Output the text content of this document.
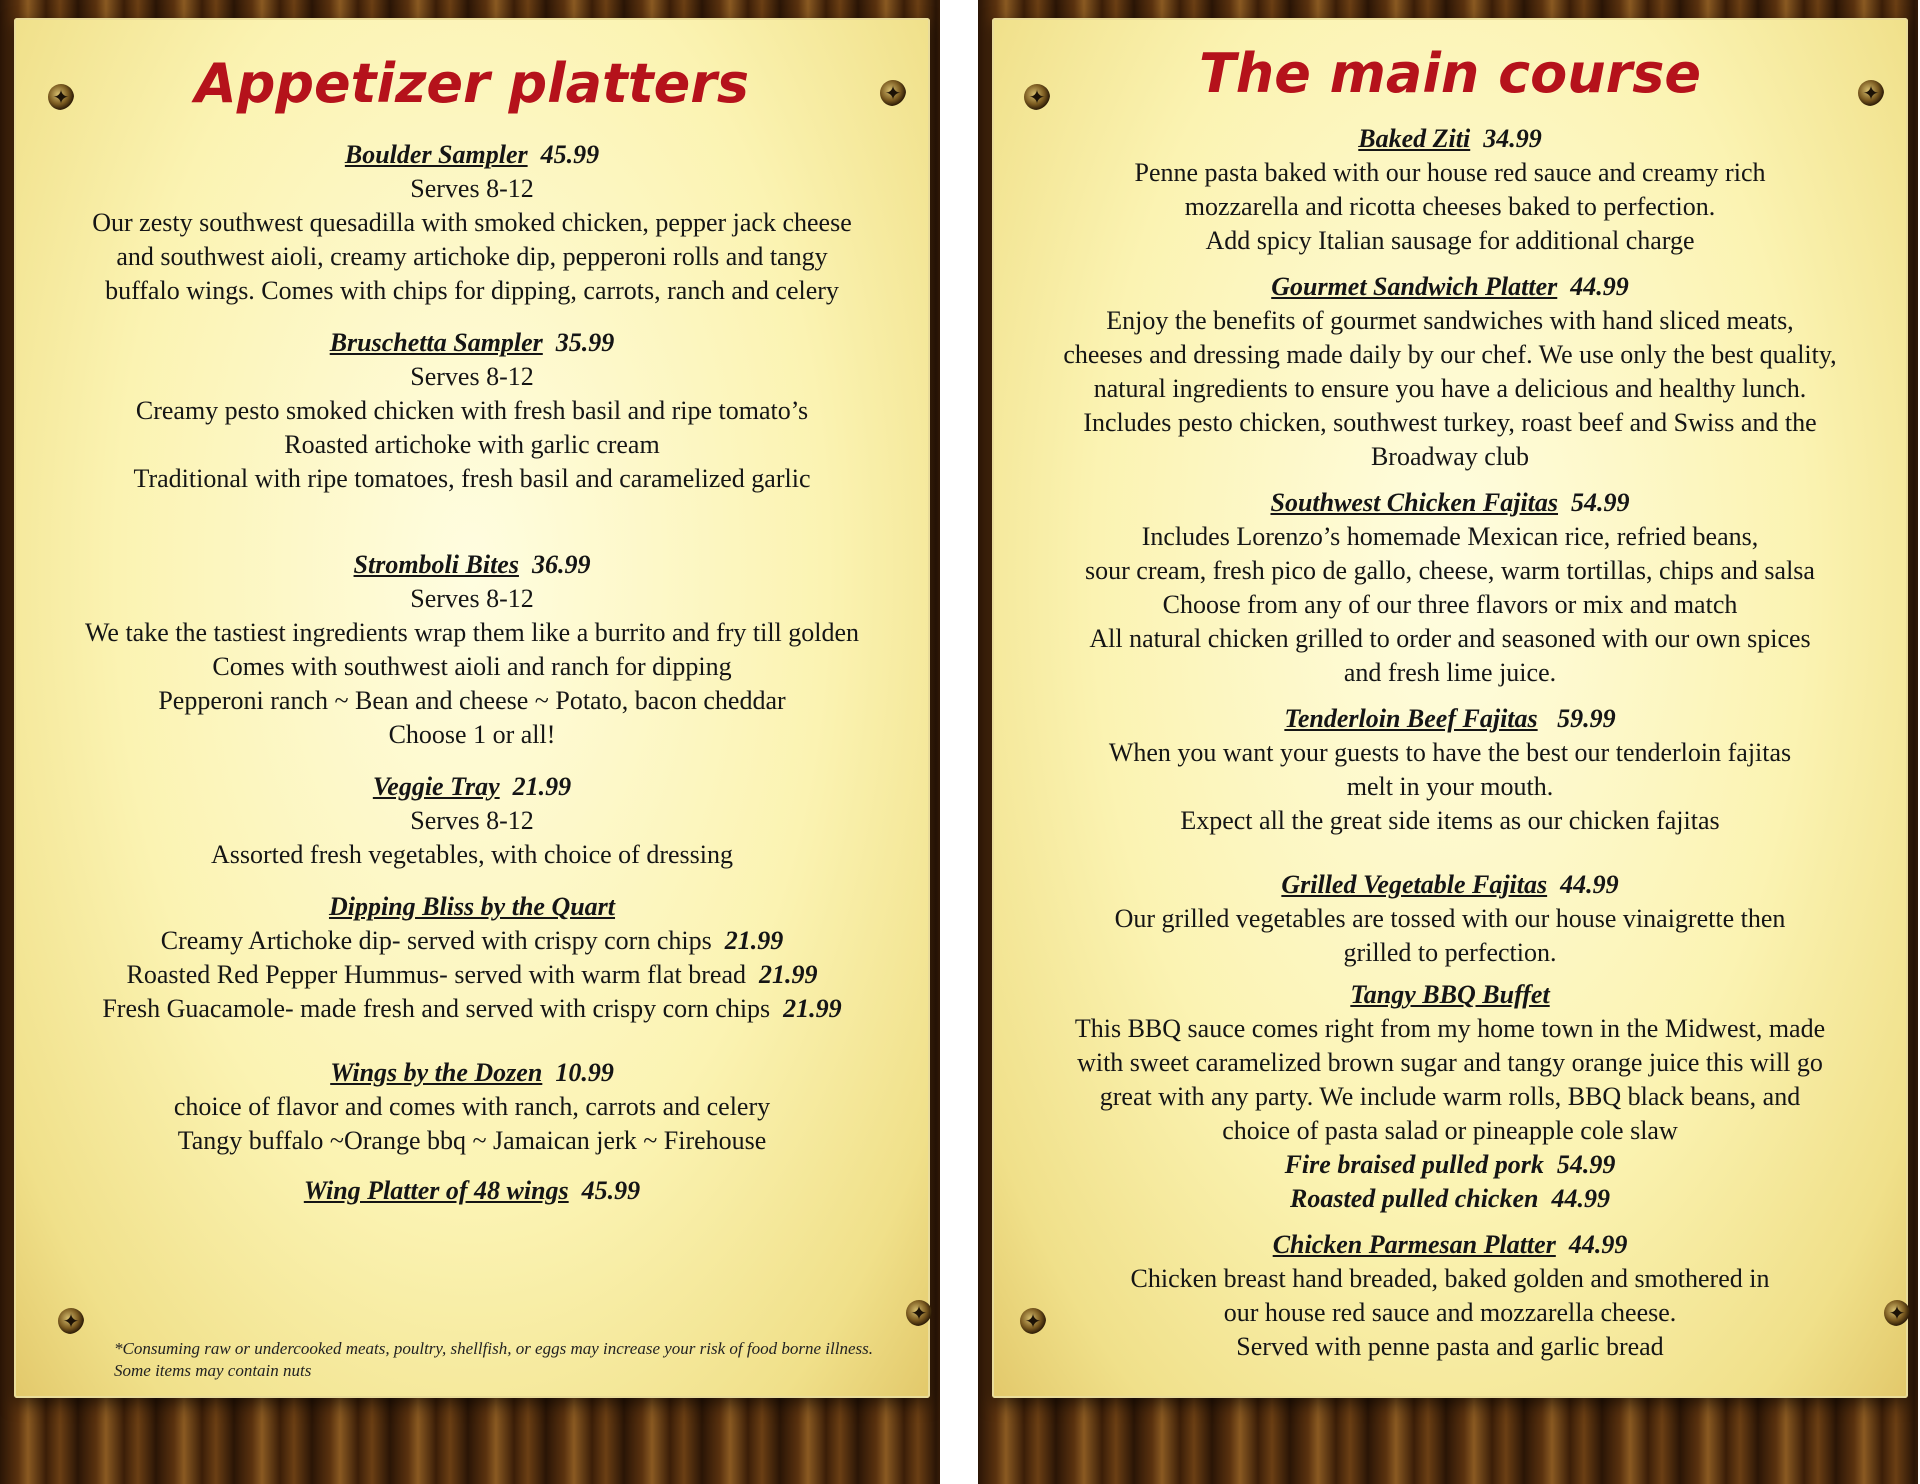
✦	✦
✦	✦
Appetizer platters
Boulder Sampler 45.99
Serves 8-12
Our zesty southwest quesadilla with smoked chicken, pepper jack cheese
and southwest aioli, creamy artichoke dip, pepperoni rolls and tangy
buffalo wings. Comes with chips for dipping, carrots, ranch and celery
Bruschetta Sampler 35.99
Serves 8-12
Creamy pesto smoked chicken with fresh basil and ripe tomato’s
Roasted artichoke with garlic cream
Traditional with ripe tomatoes, fresh basil and caramelized garlic
Stromboli Bites 36.99
Serves 8-12
We take the tastiest ingredients wrap them like a burrito and fry till golden
Comes with southwest aioli and ranch for dipping
Pepperoni ranch ~ Bean and cheese ~ Potato, bacon cheddar
Choose 1 or all!
Veggie Tray 21.99
Serves 8-12
Assorted fresh vegetables, with choice of dressing
Dipping Bliss by the Quart
Creamy Artichoke dip- served with crispy corn chips 21.99
Roasted Red Pepper Hummus- served with warm flat bread 21.99
Fresh Guacamole- made fresh and served with crispy corn chips 21.99
Wings by the Dozen 10.99
choice of flavor and comes with ranch, carrots and celery
Tangy buffalo ~Orange bbq ~ Jamaican jerk ~ Firehouse
Wing Platter of 48 wings 45.99
*Consuming raw or undercooked meats, poultry, shellfish, or eggs may increase your risk of food borne illness. Some items may contain nuts
✦	✦
✦	✦
The main course
Baked Ziti 34.99
Penne pasta baked with our house red sauce and creamy rich
mozzarella and ricotta cheeses baked to perfection.
Add spicy Italian sausage for additional charge
Gourmet Sandwich Platter 44.99
Enjoy the benefits of gourmet sandwiches with hand sliced meats,
cheeses and dressing made daily by our chef. We use only the best quality,
natural ingredients to ensure you have a delicious and healthy lunch.
Includes pesto chicken, southwest turkey, roast beef and Swiss and the
Broadway club
Southwest Chicken Fajitas 54.99
Includes Lorenzo’s homemade Mexican rice, refried beans,
sour cream, fresh pico de gallo, cheese, warm tortillas, chips and salsa
Choose from any of our three flavors or mix and match
All natural chicken grilled to order and seasoned with our own spices
and fresh lime juice.
Tenderloin Beef Fajitas 59.99
When you want your guests to have the best our tenderloin fajitas
melt in your mouth.
Expect all the great side items as our chicken fajitas
Grilled Vegetable Fajitas 44.99
Our grilled vegetables are tossed with our house vinaigrette then
grilled to perfection.
Tangy BBQ Buffet
This BBQ sauce comes right from my home town in the Midwest, made
with sweet caramelized brown sugar and tangy orange juice this will go
great with any party. We include warm rolls, BBQ black beans, and
choice of pasta salad or pineapple cole slaw
Fire braised pulled pork 54.99
Roasted pulled chicken 44.99
Chicken Parmesan Platter 44.99
Chicken breast hand breaded, baked golden and smothered in
our house red sauce and mozzarella cheese.
Served with penne pasta and garlic bread
